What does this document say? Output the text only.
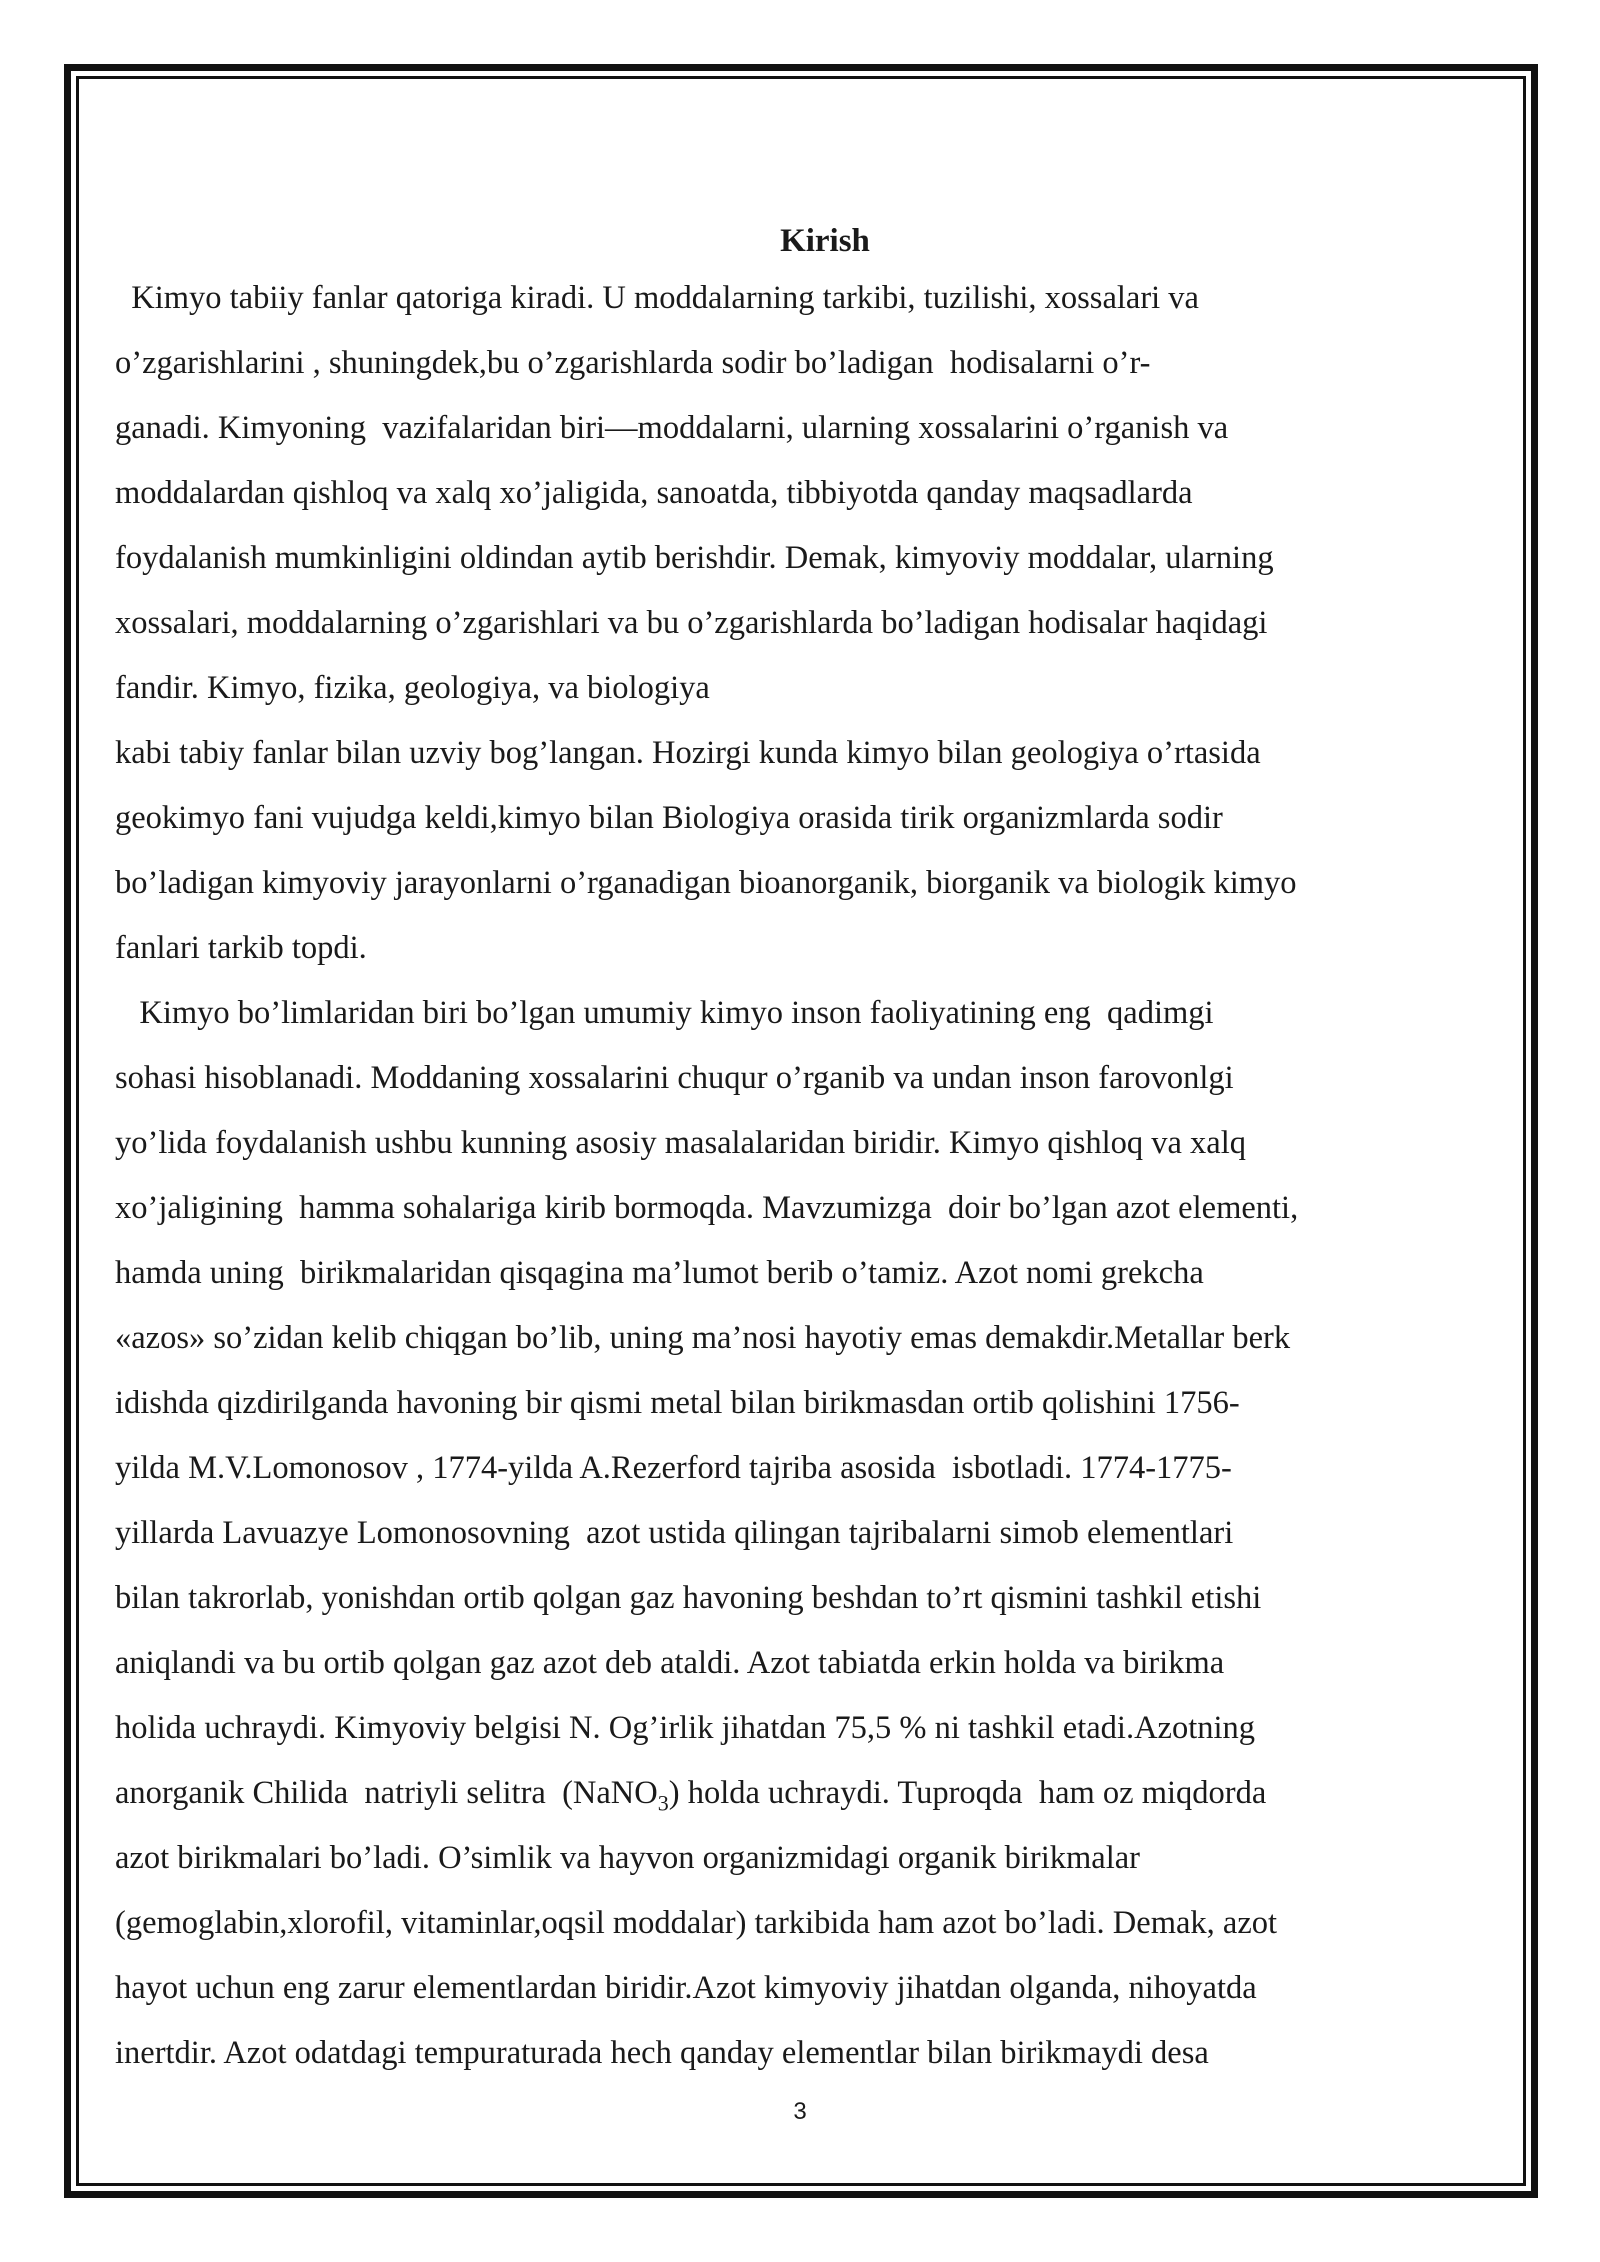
Kirish

Kimyo tabiiy fanlar qatoriga kiradi. U moddalarning tarkibi, tuzilishi, xossalari va

o’zgarishlarini , shuningdek,bu o’zgarishlarda sodir bo’ladigan  hodisalarni o’r-

ganadi. Kimyoning  vazifalaridan biri—moddalarni, ularning xossalarini o’rganish va

moddalardan qishloq va xalq xo’jaligida, sanoatda, tibbiyotda qanday maqsadlarda

foydalanish mumkinligini oldindan aytib berishdir. Demak, kimyoviy moddalar, ularning

xossalari, moddalarning o’zgarishlari va bu o’zgarishlarda bo’ladigan hodisalar haqidagi

fandir. Kimyo, fizika, geologiya, va biologiya

kabi tabiy fanlar bilan uzviy bog’langan. Hozirgi kunda kimyo bilan geologiya o’rtasida

geokimyo fani vujudga keldi,kimyo bilan Biologiya orasida tirik organizmlarda sodir

bo’ladigan kimyoviy jarayonlarni o’rganadigan bioanorganik, biorganik va biologik kimyo

fanlari tarkib topdi.

Kimyo bo’limlaridan biri bo’lgan umumiy kimyo inson faoliyatining eng  qadimgi

sohasi hisoblanadi. Moddaning xossalarini chuqur o’rganib va undan inson farovonlgi

yo’lida foydalanish ushbu kunning asosiy masalalaridan biridir. Kimyo qishloq va xalq

xo’jaligining  hamma sohalariga kirib bormoqda. Mavzumizga  doir bo’lgan azot elementi,

hamda uning  birikmalaridan qisqagina ma’lumot berib o’tamiz. Azot nomi grekcha

«azos» so’zidan kelib chiqgan bo’lib, uning ma’nosi hayotiy emas demakdir.Metallar berk

idishda qizdirilganda havoning bir qismi metal bilan birikmasdan ortib qolishini 1756-

yilda M.V.Lomonosov , 1774-yilda A.Rezerford tajriba asosida  isbotladi. 1774-1775-

yillarda Lavuazye Lomonosovning  azot ustida qilingan tajribalarni simob elementlari

bilan takrorlab, yonishdan ortib qolgan gaz havoning beshdan to’rt qismini tashkil etishi

aniqlandi va bu ortib qolgan gaz azot deb ataldi. Azot tabiatda erkin holda va birikma

holida uchraydi. Kimyoviy belgisi N. Og’irlik jihatdan 75,5 % ni tashkil etadi.Azotning

anorganik Chilida  natriyli selitra  (NaNO$_3$) holda uchraydi. Tuproqda  ham oz miqdorda

azot birikmalari bo’ladi. O’simlik va hayvon organizmidagi organik birikmalar

(gemoglabin,xlorofil, vitaminlar,oqsil moddalar) tarkibida ham azot bo’ladi. Demak, azot

hayot uchun eng zarur elementlardan biridir.Azot kimyoviy jihatdan olganda, nihoyatda

inertdir. Azot odatdagi tempuraturada hech qanday elementlar bilan birikmaydi desa

3
